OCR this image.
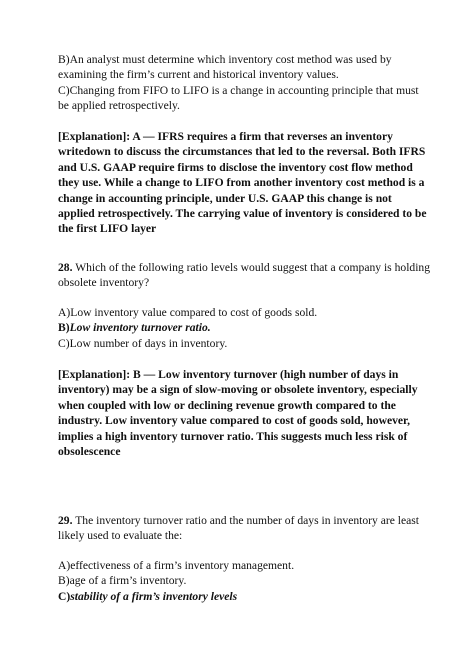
B)An analyst must determine which inventory cost method was used by
examining the firm’s current and historical inventory values.
C)Changing from FIFO to LIFO is a change in accounting principle that must
be applied retrospectively.
[Explanation]: A — IFRS requires a firm that reverses an inventory
writedown to discuss the circumstances that led to the reversal. Both IFRS
and U.S. GAAP require firms to disclose the inventory cost flow method
they use. While a change to LIFO from another inventory cost method is a
change in accounting principle, under U.S. GAAP this change is not
applied retrospectively. The carrying value of inventory is considered to be
the first LIFO layer
28. Which of the following ratio levels would suggest that a company is holding
obsolete inventory?
A)Low inventory value compared to cost of goods sold.
B)Low inventory turnover ratio.
C)Low number of days in inventory.
[Explanation]: B — Low inventory turnover (high number of days in
inventory) may be a sign of slow-moving or obsolete inventory, especially
when coupled with low or declining revenue growth compared to the
industry. Low inventory value compared to cost of goods sold, however,
implies a high inventory turnover ratio. This suggests much less risk of
obsolescence
29. The inventory turnover ratio and the number of days in inventory are least
likely used to evaluate the:
A)effectiveness of a firm’s inventory management.
B)age of a firm’s inventory.
C)stability of a firm’s inventory levels
